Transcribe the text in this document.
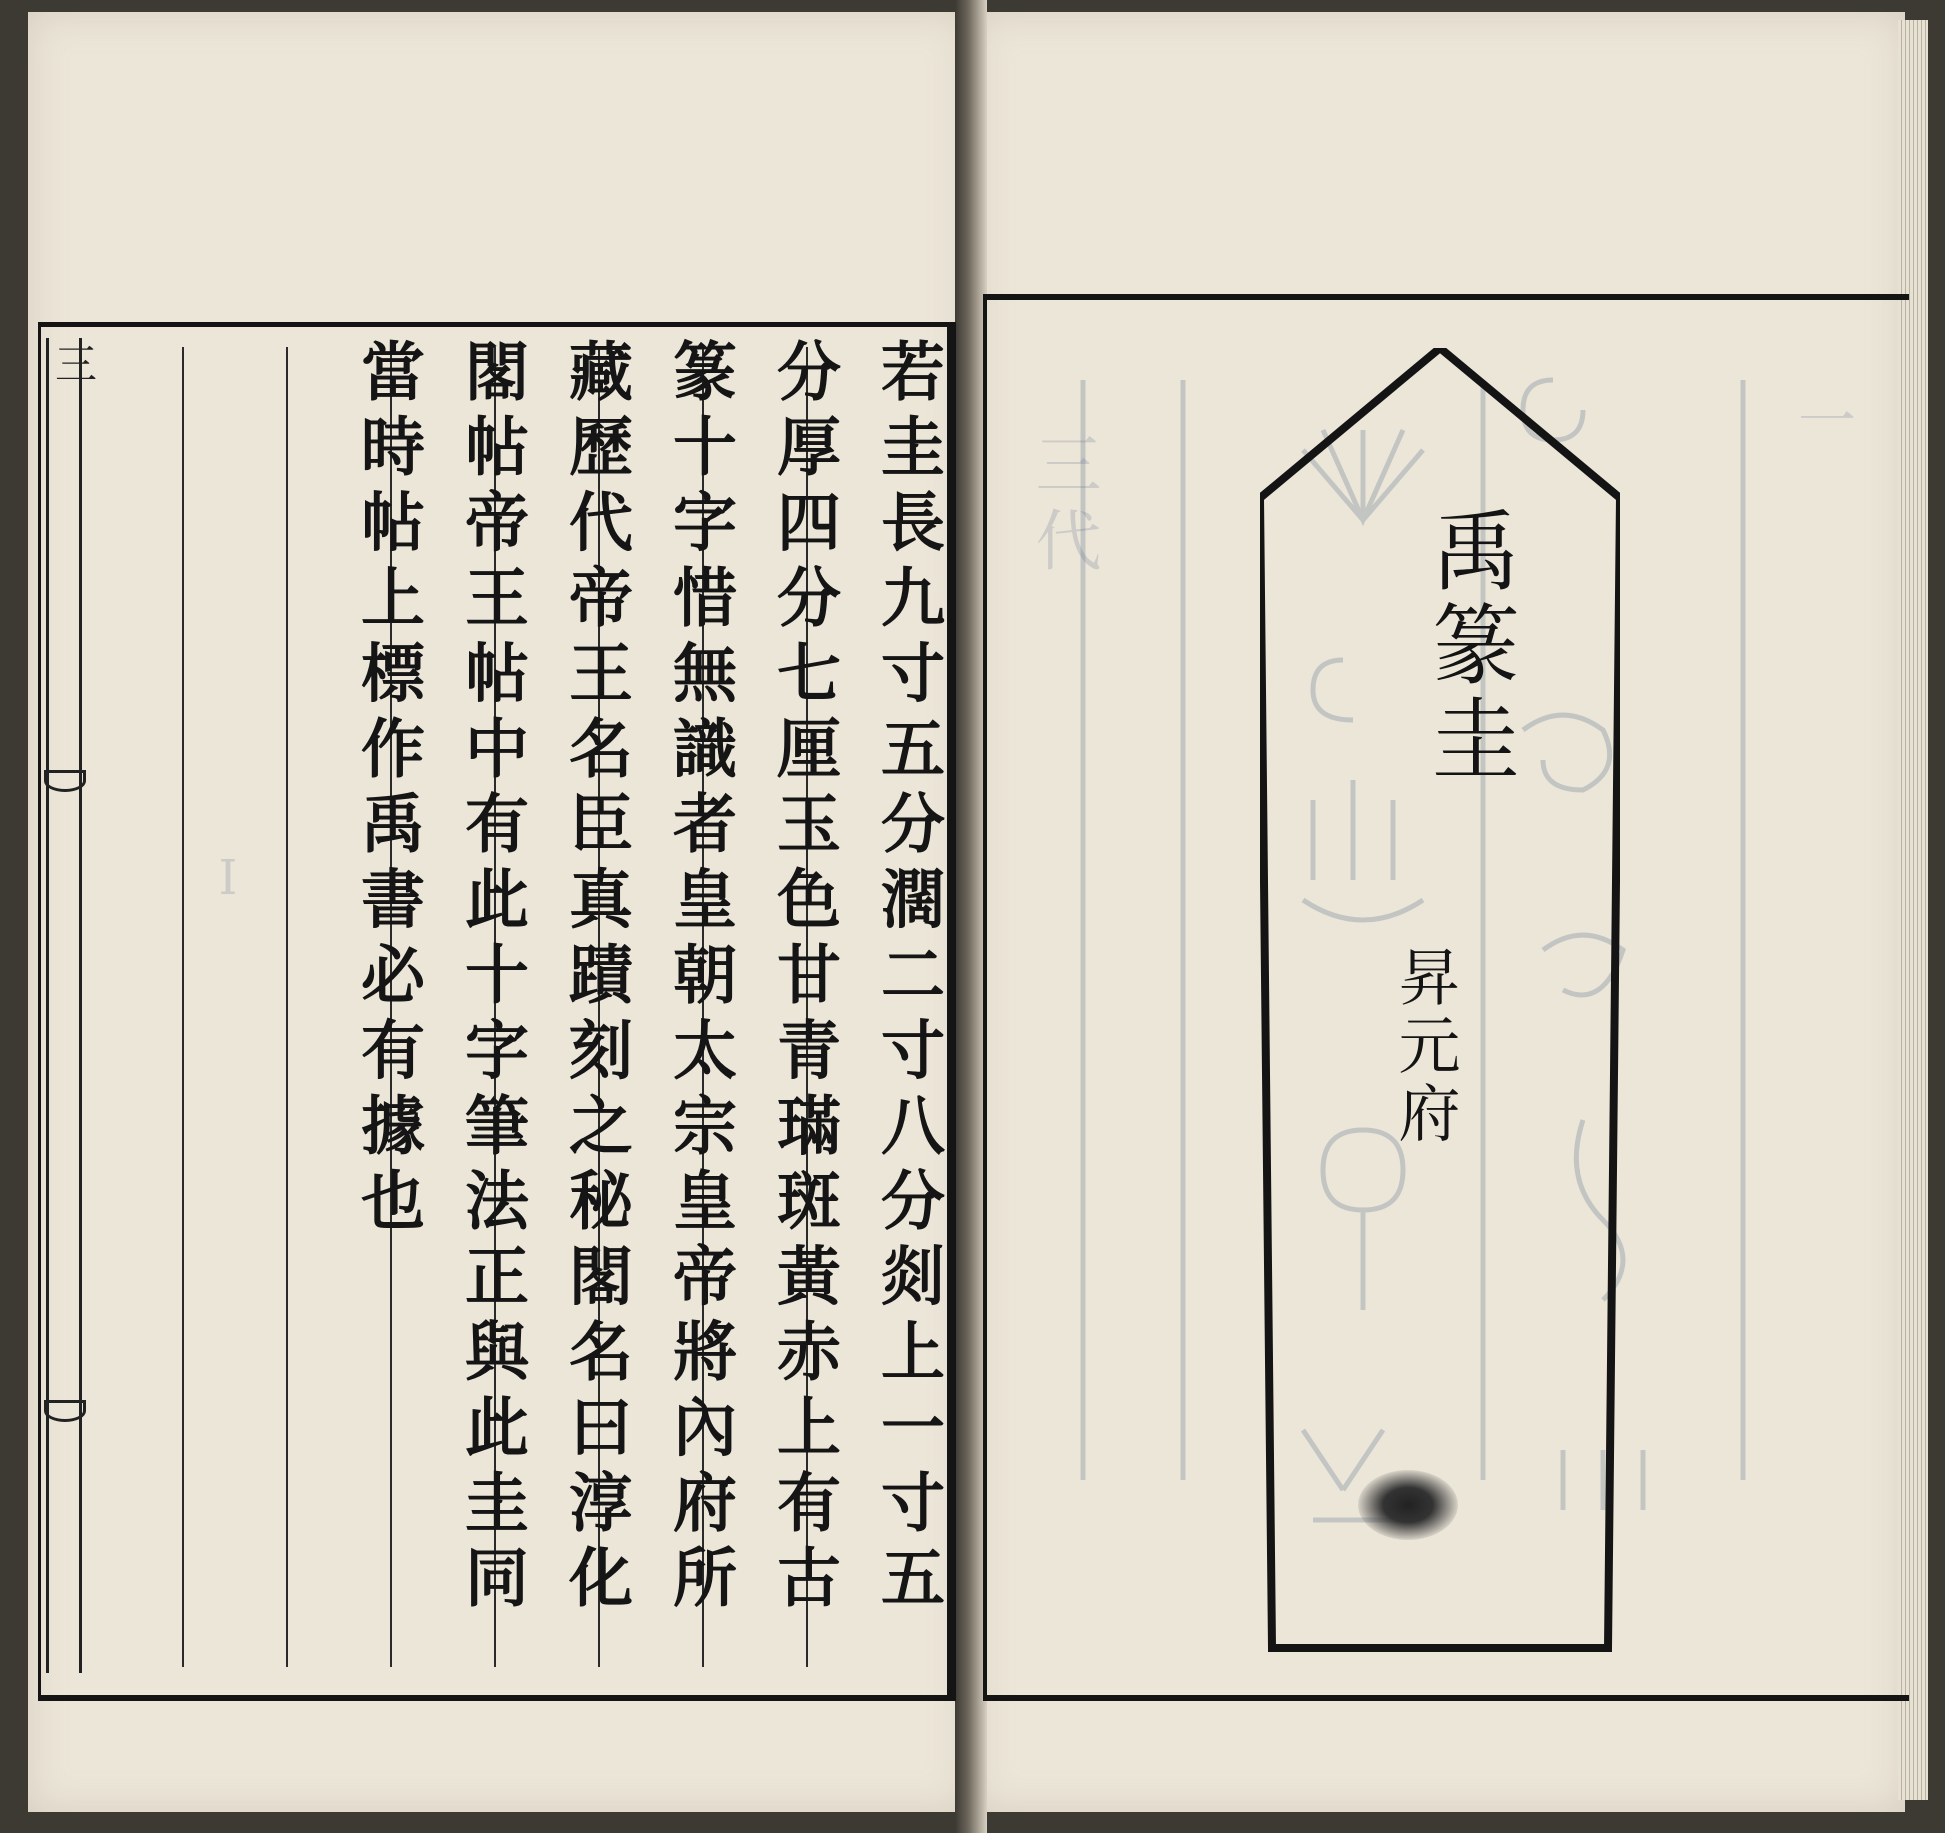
Ⅰ
三	若圭長九寸五分濶二寸八分剡上一寸五
分厚四分七厘玉色甘青璊斑黃赤上有古
篆十字惜無識者皇朝太宗皇帝將內府所
藏歷代帝王名臣真蹟刻之秘閣名曰淳化
閣帖帝王帖中有此十字筆法正與此圭同
當時帖上標作禹書必有據也	三代
一
禹篆圭
昇元府
